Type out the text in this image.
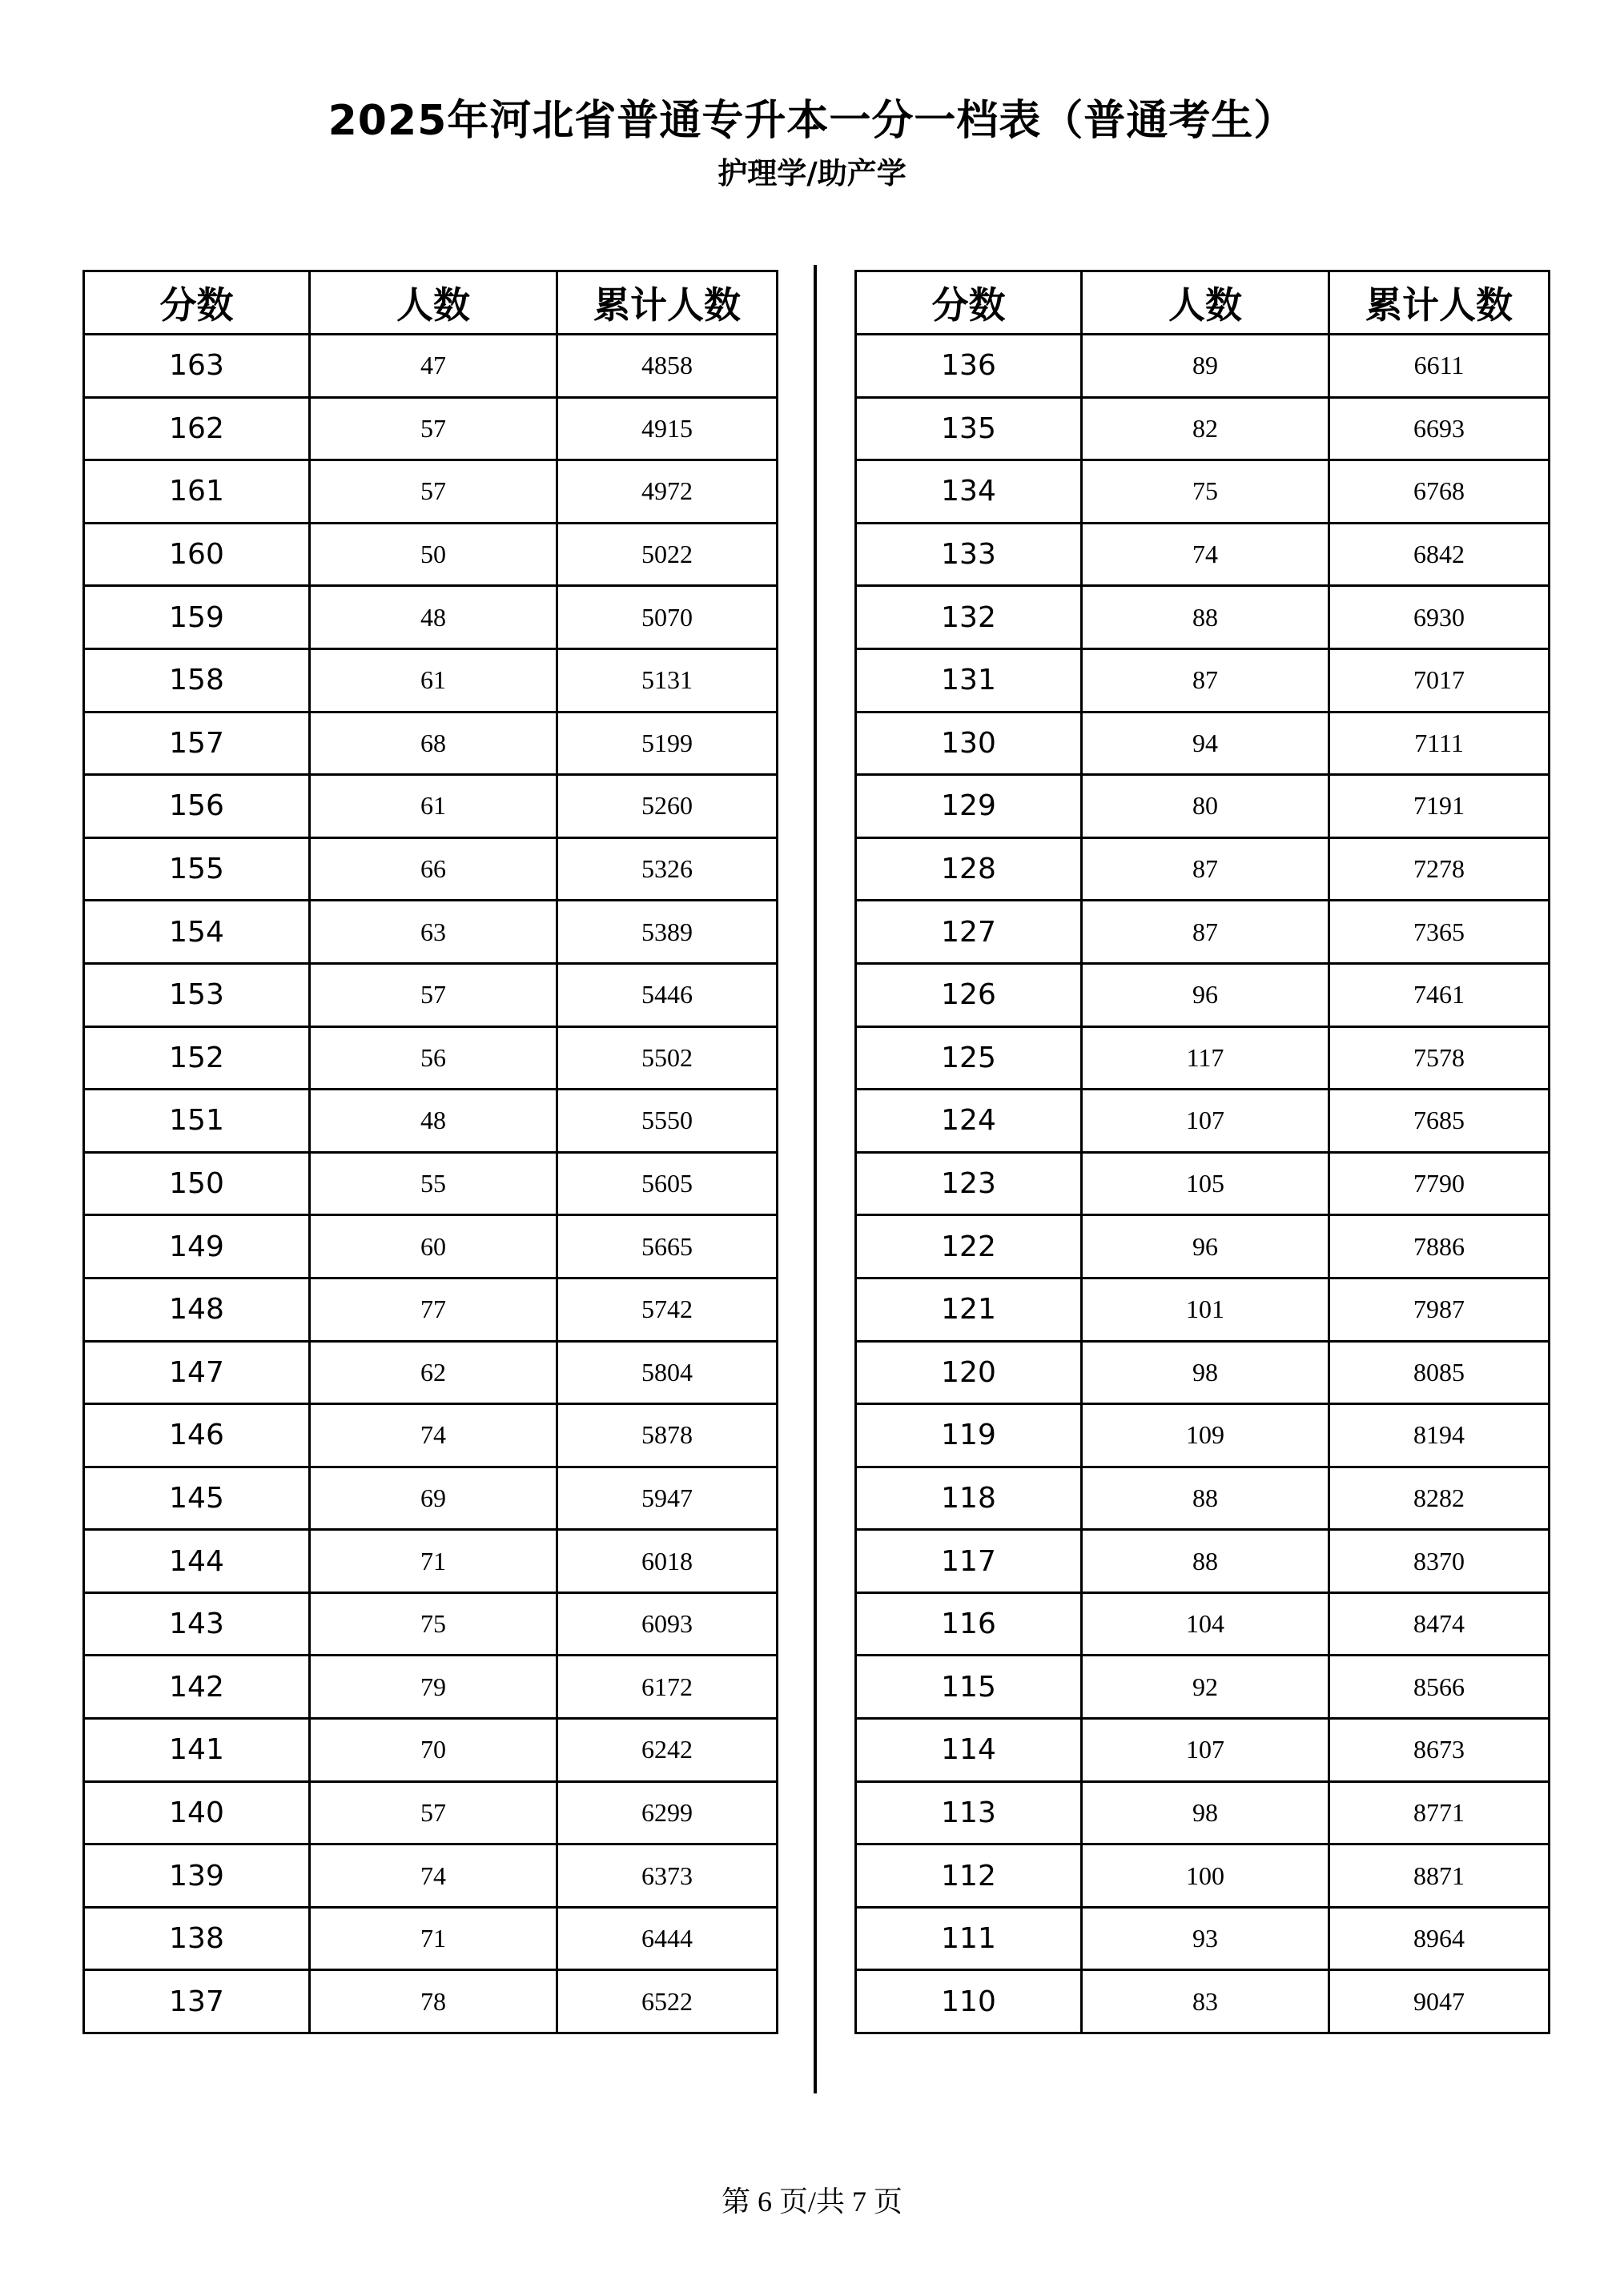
2025年河北省普通专升本一分一档表（普通考生）
护理学/助产学
分数	人数	累计人数
163	47	4858
162	57	4915
161	57	4972
160	50	5022
159	48	5070
158	61	5131
157	68	5199
156	61	5260
155	66	5326
154	63	5389
153	57	5446
152	56	5502
151	48	5550
150	55	5605
149	60	5665
148	77	5742
147	62	5804
146	74	5878
145	69	5947
144	71	6018
143	75	6093
142	79	6172
141	70	6242
140	57	6299
139	74	6373
138	71	6444
137	78	6522
分数	人数	累计人数
136	89	6611
135	82	6693
134	75	6768
133	74	6842
132	88	6930
131	87	7017
130	94	7111
129	80	7191
128	87	7278
127	87	7365
126	96	7461
125	117	7578
124	107	7685
123	105	7790
122	96	7886
121	101	7987
120	98	8085
119	109	8194
118	88	8282
117	88	8370
116	104	8474
115	92	8566
114	107	8673
113	98	8771
112	100	8871
111	93	8964
110	83	9047
第 6 页/共 7 页
